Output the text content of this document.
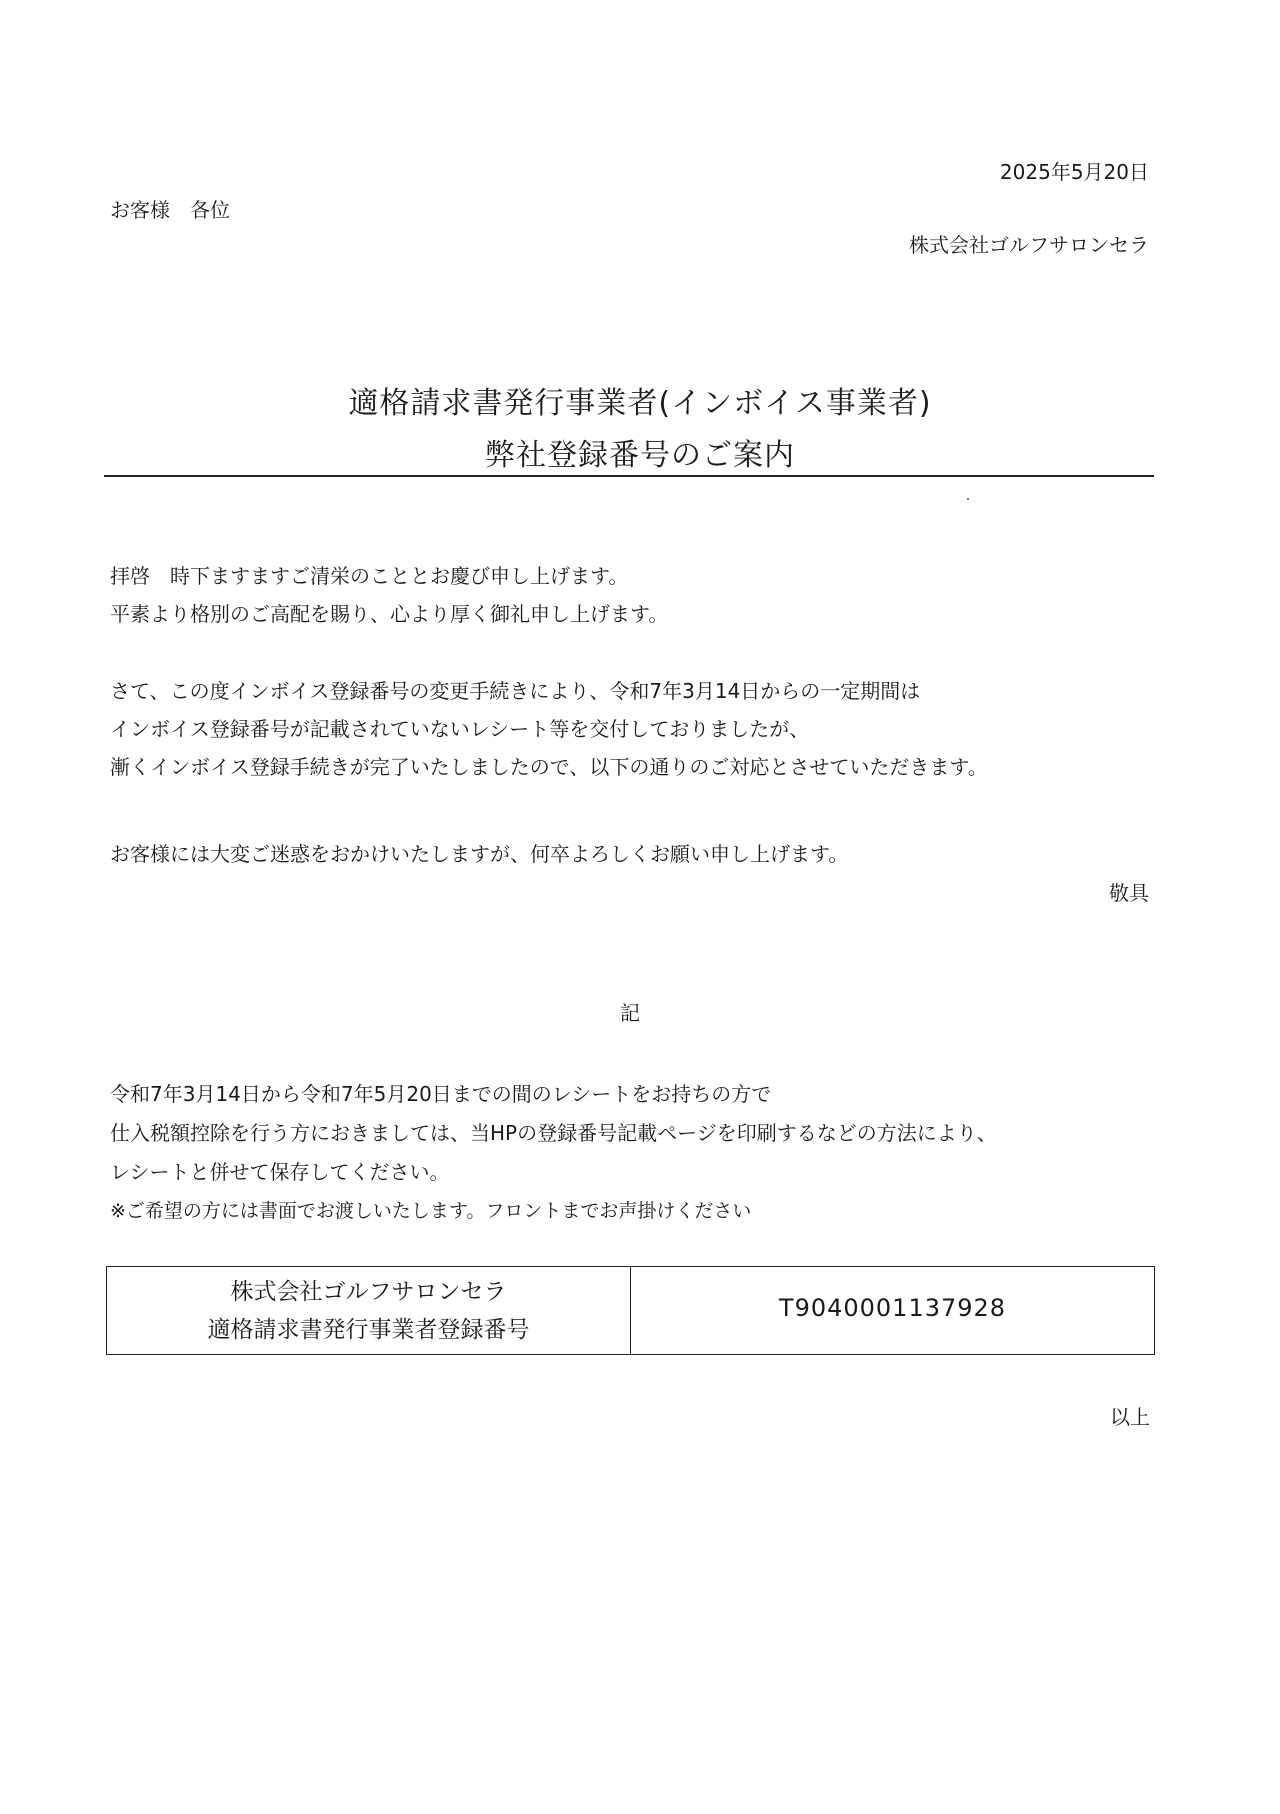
2025年5月20日
お客様　各位
株式会社ゴルフサロンセラ
適格請求書発行事業者(インボイス事業者)
弊社登録番号のご案内
拝啓　時下ますますご清栄のこととお慶び申し上げます。
平素より格別のご高配を賜り、心より厚く御礼申し上げます。
さて、この度インボイス登録番号の変更手続きにより、令和7年3月14日からの一定期間は
インボイス登録番号が記載されていないレシート等を交付しておりましたが、
漸くインボイス登録手続きが完了いたしましたので、以下の通りのご対応とさせていただきます。
お客様には大変ご迷惑をおかけいたしますが、何卒よろしくお願い申し上げます。
敬具
記
令和7年3月14日から令和7年5月20日までの間のレシートをお持ちの方で
仕入税額控除を行う方におきましては、当HPの登録番号記載ページを印刷するなどの方法により、
レシートと併せて保存してください。
※ご希望の方には書面でお渡しいたします。フロントまでお声掛けください
株式会社ゴルフサロンセラ
適格請求書発行事業者登録番号
T9040001137928
以上
